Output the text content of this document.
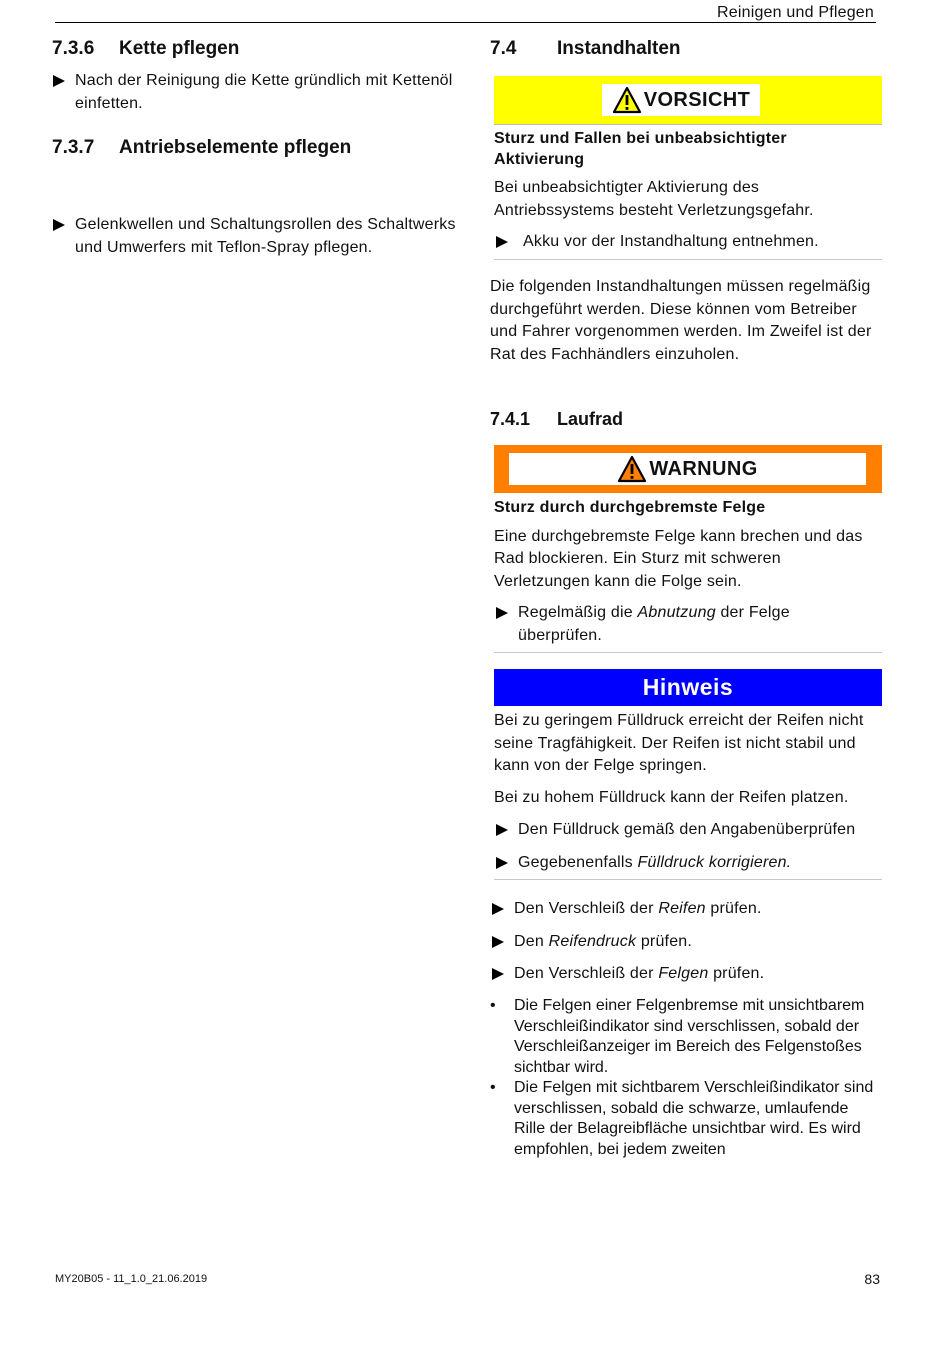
Reinigen und Pflegen
7.3.6 Kette pflegen
Nach der Reinigung die Kette gründlich mit Kettenöl einfetten.
7.3.7 Antriebselemente pflegen
Gelenkwellen und Schaltungsrollen des Schaltwerks und Umwerfers mit Teflon-Spray pflegen.
7.4 Instandhalten
VORSICHT
Sturz und Fallen bei unbeabsichtigter Aktivierung
Bei unbeabsichtigter Aktivierung des Antriebssystems besteht Verletzungsgefahr.
Akku vor der Instandhaltung entnehmen.
Die folgenden Instandhaltungen müssen regelmäßig durchgeführt werden. Diese können vom Betreiber und Fahrer vorgenommen werden. Im Zweifel ist der Rat des Fachhändlers einzuholen.
7.4.1 Laufrad
WARNUNG
Sturz durch durchgebremste Felge
Eine durchgebremste Felge kann brechen und das Rad blockieren. Ein Sturz mit schweren Verletzungen kann die Folge sein.
Regelmäßig die Abnutzung der Felge überprüfen.
Hinweis
Bei zu geringem Fülldruck erreicht der Reifen nicht seine Tragfähigkeit. Der Reifen ist nicht stabil und kann von der Felge springen.
Bei zu hohem Fülldruck kann der Reifen platzen.
Den Fülldruck gemäß den Angabenüberprüfen
Gegebenenfalls Fülldruck korrigieren.
Den Verschleiß der Reifen prüfen.
Den Reifendruck prüfen.
Den Verschleiß der Felgen prüfen.
• Die Felgen einer Felgenbremse mit unsichtbarem Verschleißindikator sind verschlissen, sobald der Verschleißanzeiger im Bereich des Felgenstoßes sichtbar wird.
• Die Felgen mit sichtbarem Verschleißindikator sind verschlissen, sobald die schwarze, umlaufende Rille der Belagreibfläche unsichtbar wird. Es wird empfohlen, bei jedem zweiten
MY20B05 - 11_1.0_21.06.2019	83
